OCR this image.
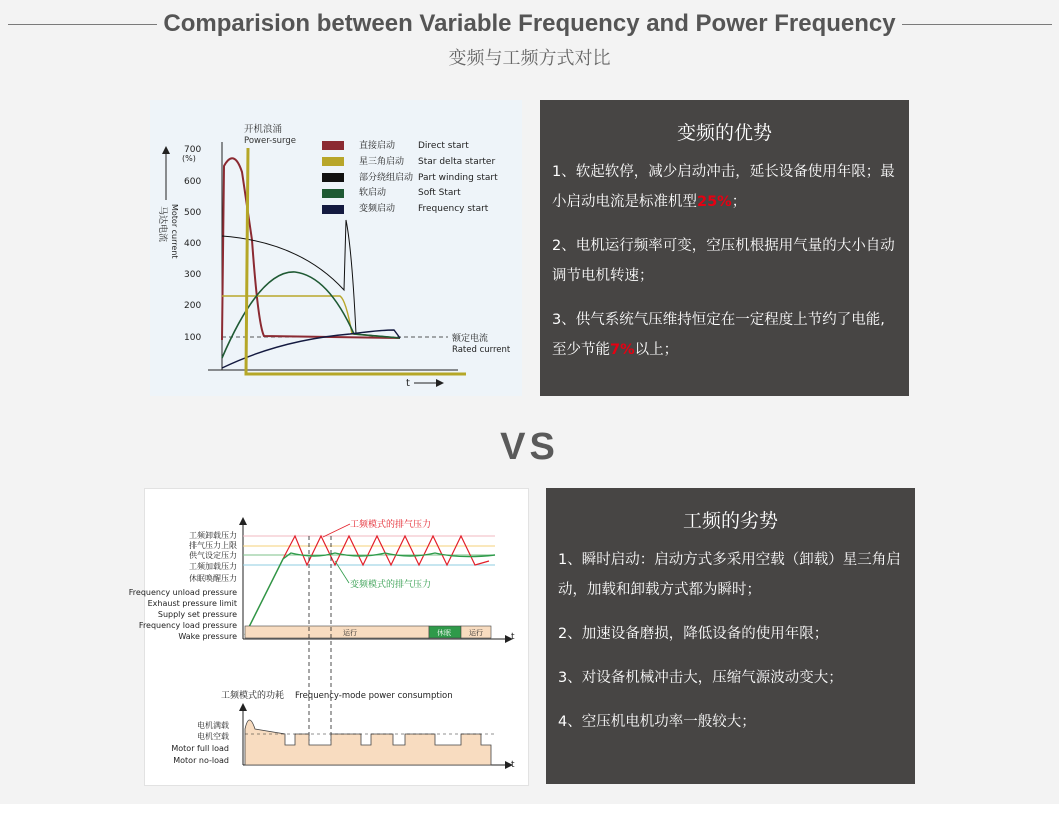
Comparision between Variable Frequency and Power Frequency
变频与工频方式对比
开机浪涌
Power-surge
马达电流 Motor current
700
(%)
600
500
400
300
200
100	额定电流
Rated current
t
直接启动	Direct start
星三角启动 Star delta starter
部分绕组启动 Part winding start
软启动	Soft Start
变频启动	Frequency start
变频的优势

1、软起软停，减少启动冲击，延长设备使用年限；最小启动电流是标准机型25%；

2、电机运行频率可变，空压机根据用气量的大小自动调节电机转速；

3、供气系统气压维持恒定在一定程度上节约了电能,至少节能7%以上；

VS
工频卸载压力
排气压力上限
供气设定压力
工频加载压力
休眠唤醒压力
Frequency unload pressure
Exhaust pressure limit
Supply set pressure
Frequency load pressure
Wake pressure	t
工频模式的排气压力
变频模式的排气压力
运行	休眠	运行
工频模式的功耗 Frequency-mode power consumption
电机满载
电机空载
Motor full load
Motor no-load	t
工频的劣势

1、瞬时启动：启动方式多采用空载（卸载）星三角启动，加载和卸载方式都为瞬时；

2、加速设备磨损，降低设备的使用年限；

3、对设备机械冲击大，压缩气源波动变大；

4、空压机电机功率一般较大；
